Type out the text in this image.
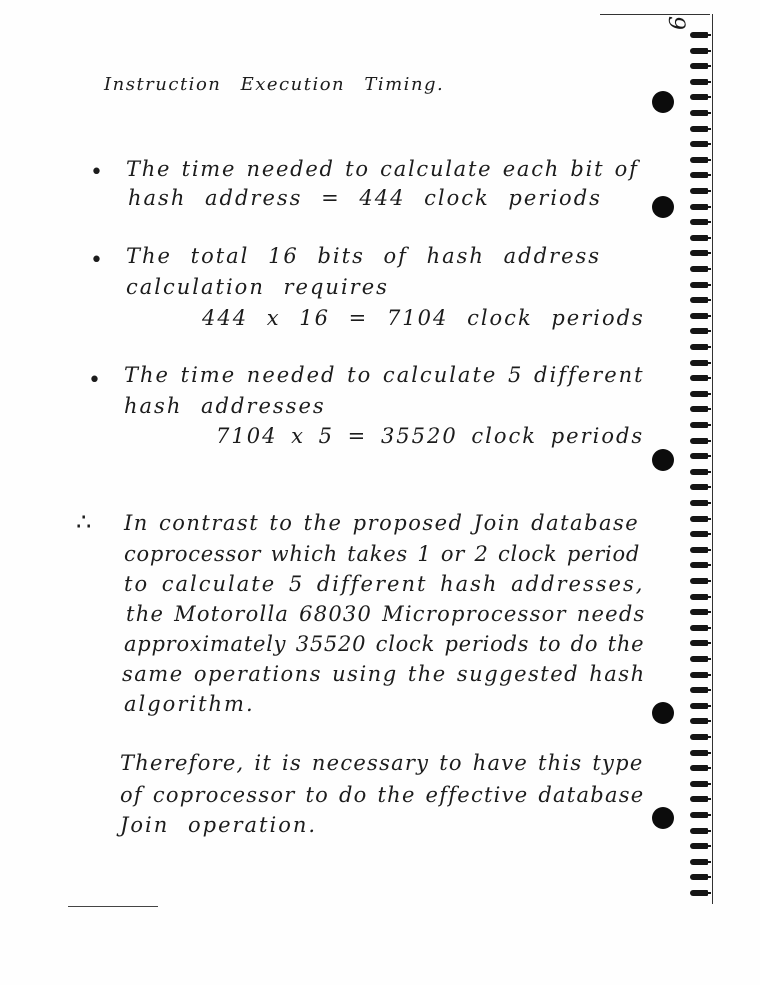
9
Instruction Execution Timing.
• The time needed to calculate each bit of
hash address = 444 clock periods
• The total 16 bits of hash address
calculation requires
444 x 16 = 7104 clock periods
• The time needed to calculate 5 different
hash addresses
7104 x 5 = 35520 clock periods
∴ In contrast to the proposed Join database
coprocessor which takes 1 or 2 clock period
to calculate 5 different hash addresses,
the Motorolla 68030 Microprocessor needs
approximately 35520 clock periods to do the
same operations using the suggested hash
algorithm.
Therefore, it is necessary to have this type
of coprocessor to do the effective database
Join operation.
